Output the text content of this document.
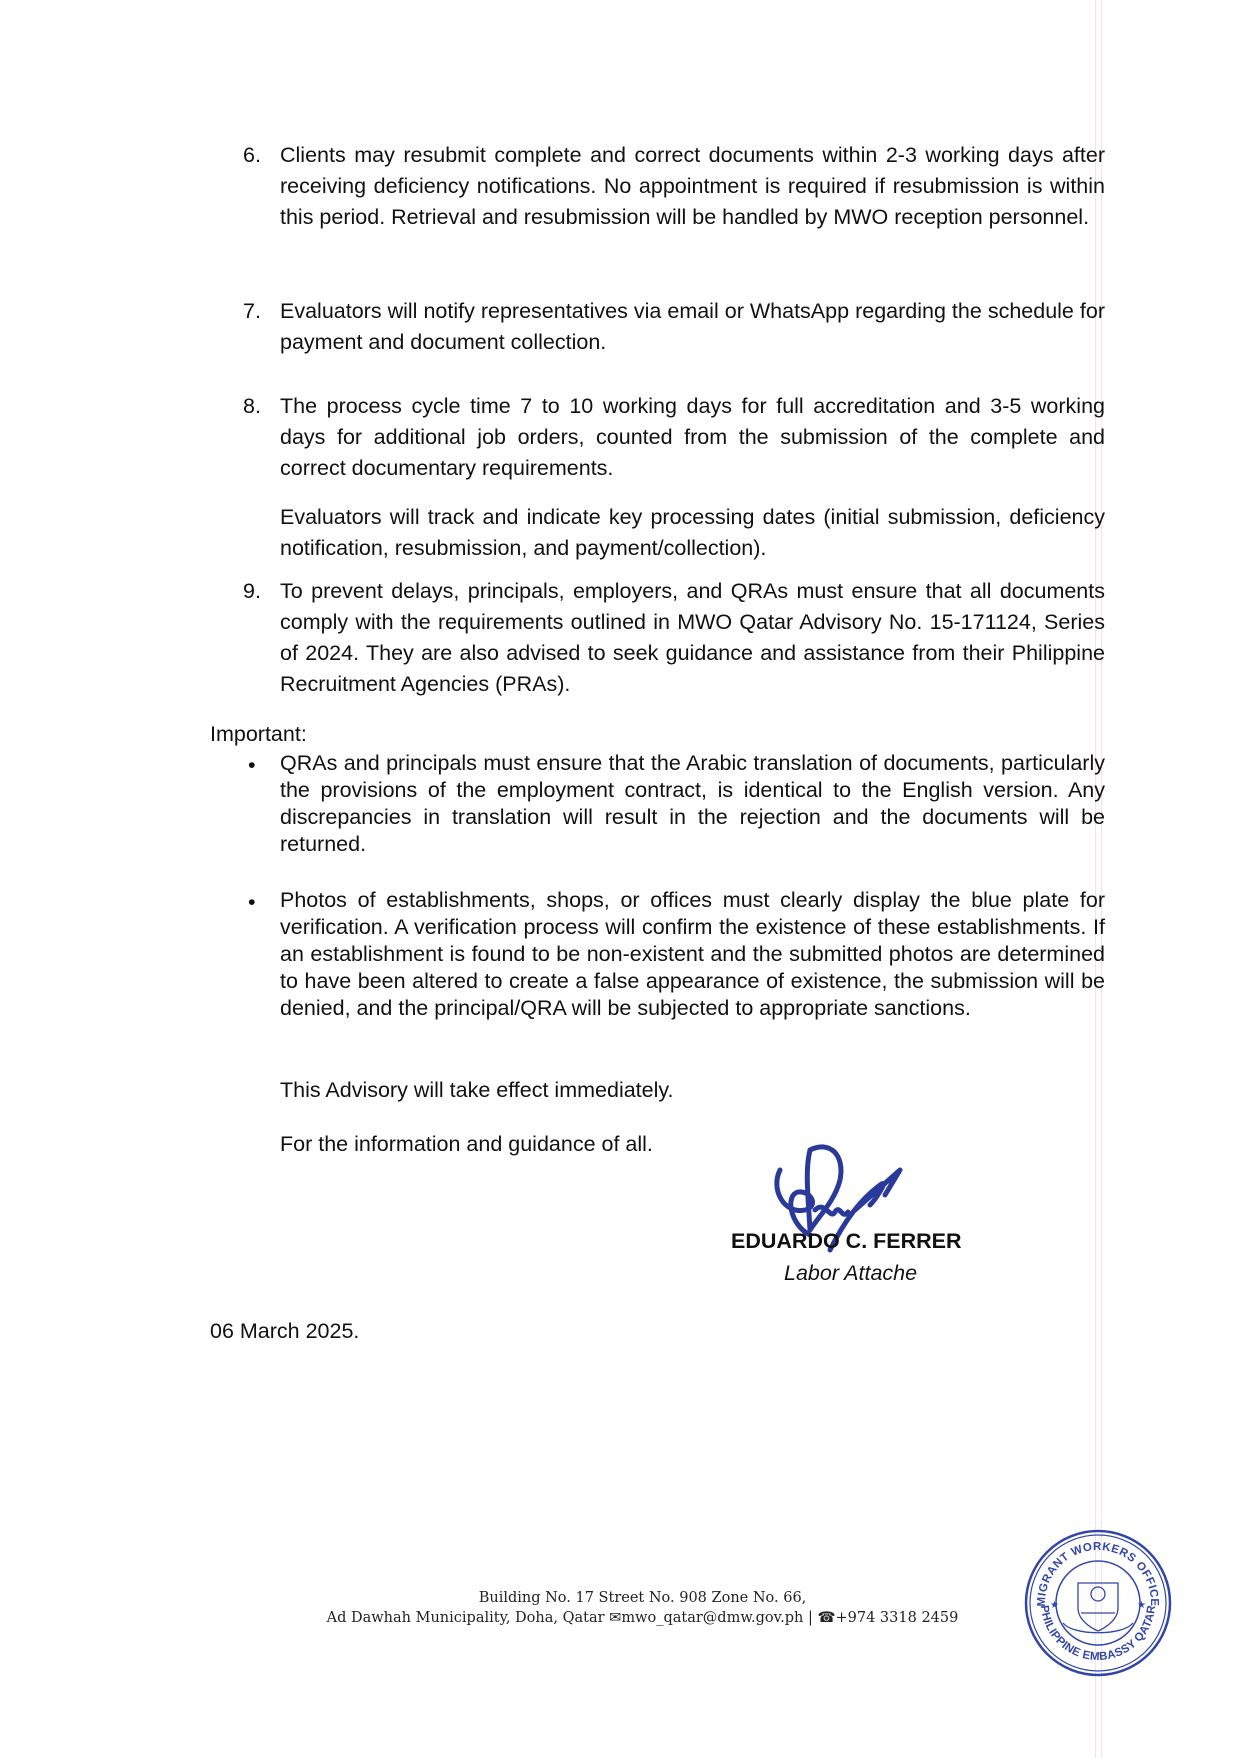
6. Clients may resubmit complete and correct documents within 2-3 working days after receiving deficiency notifications. No appointment is required if resubmission is within this period. Retrieval and resubmission will be handled by MWO reception personnel.
7. Evaluators will notify representatives via email or WhatsApp regarding the schedule for payment and document collection.
8. The process cycle time 7 to 10 working days for full accreditation and 3-5 working days for additional job orders, counted from the submission of the complete and correct documentary requirements.
Evaluators will track and indicate key processing dates (initial submission, deficiency notification, resubmission, and payment/collection).
9. To prevent delays, principals, employers, and QRAs must ensure that all documents comply with the requirements outlined in MWO Qatar Advisory No. 15-171124, Series of 2024. They are also advised to seek guidance and assistance from their Philippine Recruitment Agencies (PRAs).
Important:
• QRAs and principals must ensure that the Arabic translation of documents, particularly the provisions of the employment contract, is identical to the English version. Any discrepancies in translation will result in the rejection and the documents will be returned.
• Photos of establishments, shops, or offices must clearly display the blue plate for verification. A verification process will confirm the existence of these establishments. If an establishment is found to be non-existent and the submitted photos are determined to have been altered to create a false appearance of existence, the submission will be denied, and the principal/QRA will be subjected to appropriate sanctions.
This Advisory will take effect immediately.
For the information and guidance of all.
EDUARDO C. FERRER
Labor Attache
06 March 2025.
Building No. 17 Street No. 908 Zone No. 66,
Ad Dawhah Municipality, Doha, Qatar ✉mwo_qatar@dmw.gov.ph | ☎+974 3318 2459
MIGRANT WORKERS OFFICE
PHILIPPINE EMBASSY QATAR
★	★
